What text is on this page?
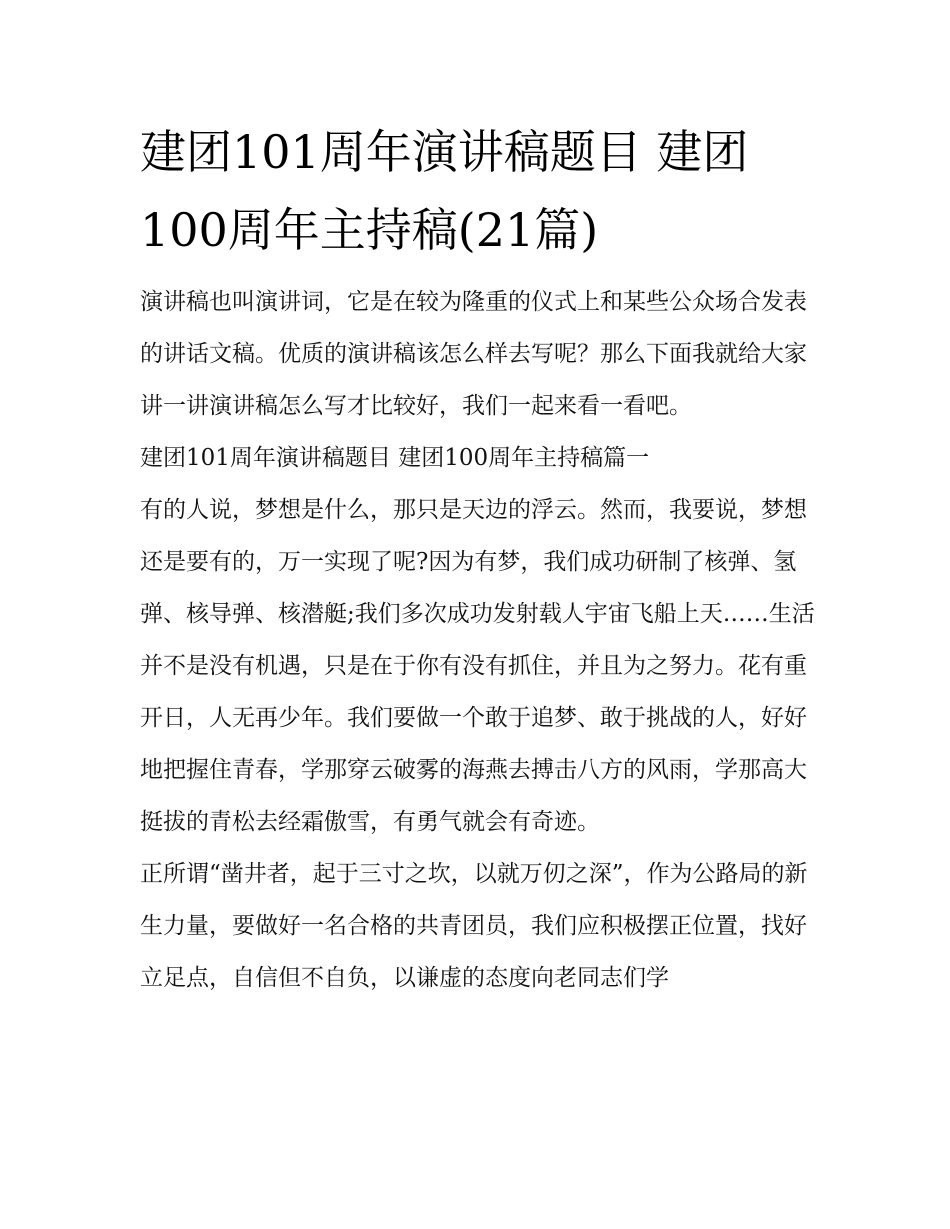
建团101周年演讲稿题目 建团100周年主持稿(21篇)

演讲稿也叫演讲词，它是在较为隆重的仪式上和某些公众场合发表的讲话文稿。优质的演讲稿该怎么样去写呢？那么下面我就给大家讲一讲演讲稿怎么写才比较好，我们一起来看一看吧。

建团101周年演讲稿题目 建团100周年主持稿篇一

有的人说，梦想是什么，那只是天边的浮云。然而，我要说，梦想还是要有的，万一实现了呢?因为有梦，我们成功研制了核弹、氢弹、核导弹、核潜艇;我们多次成功发射载人宇宙飞船上天……生活并不是没有机遇，只是在于你有没有抓住，并且为之努力。花有重开日，人无再少年。我们要做一个敢于追梦、敢于挑战的人，好好地把握住青春，学那穿云破雾的海燕去搏击八方的风雨，学那高大挺拔的青松去经霜傲雪，有勇气就会有奇迹。

正所谓“凿井者，起于三寸之坎，以就万仞之深”，作为公路局的新生力量，要做好一名合格的共青团员，我们应积极摆正位置，找好立足点，自信但不自负，以谦虚的态度向老同志们学
